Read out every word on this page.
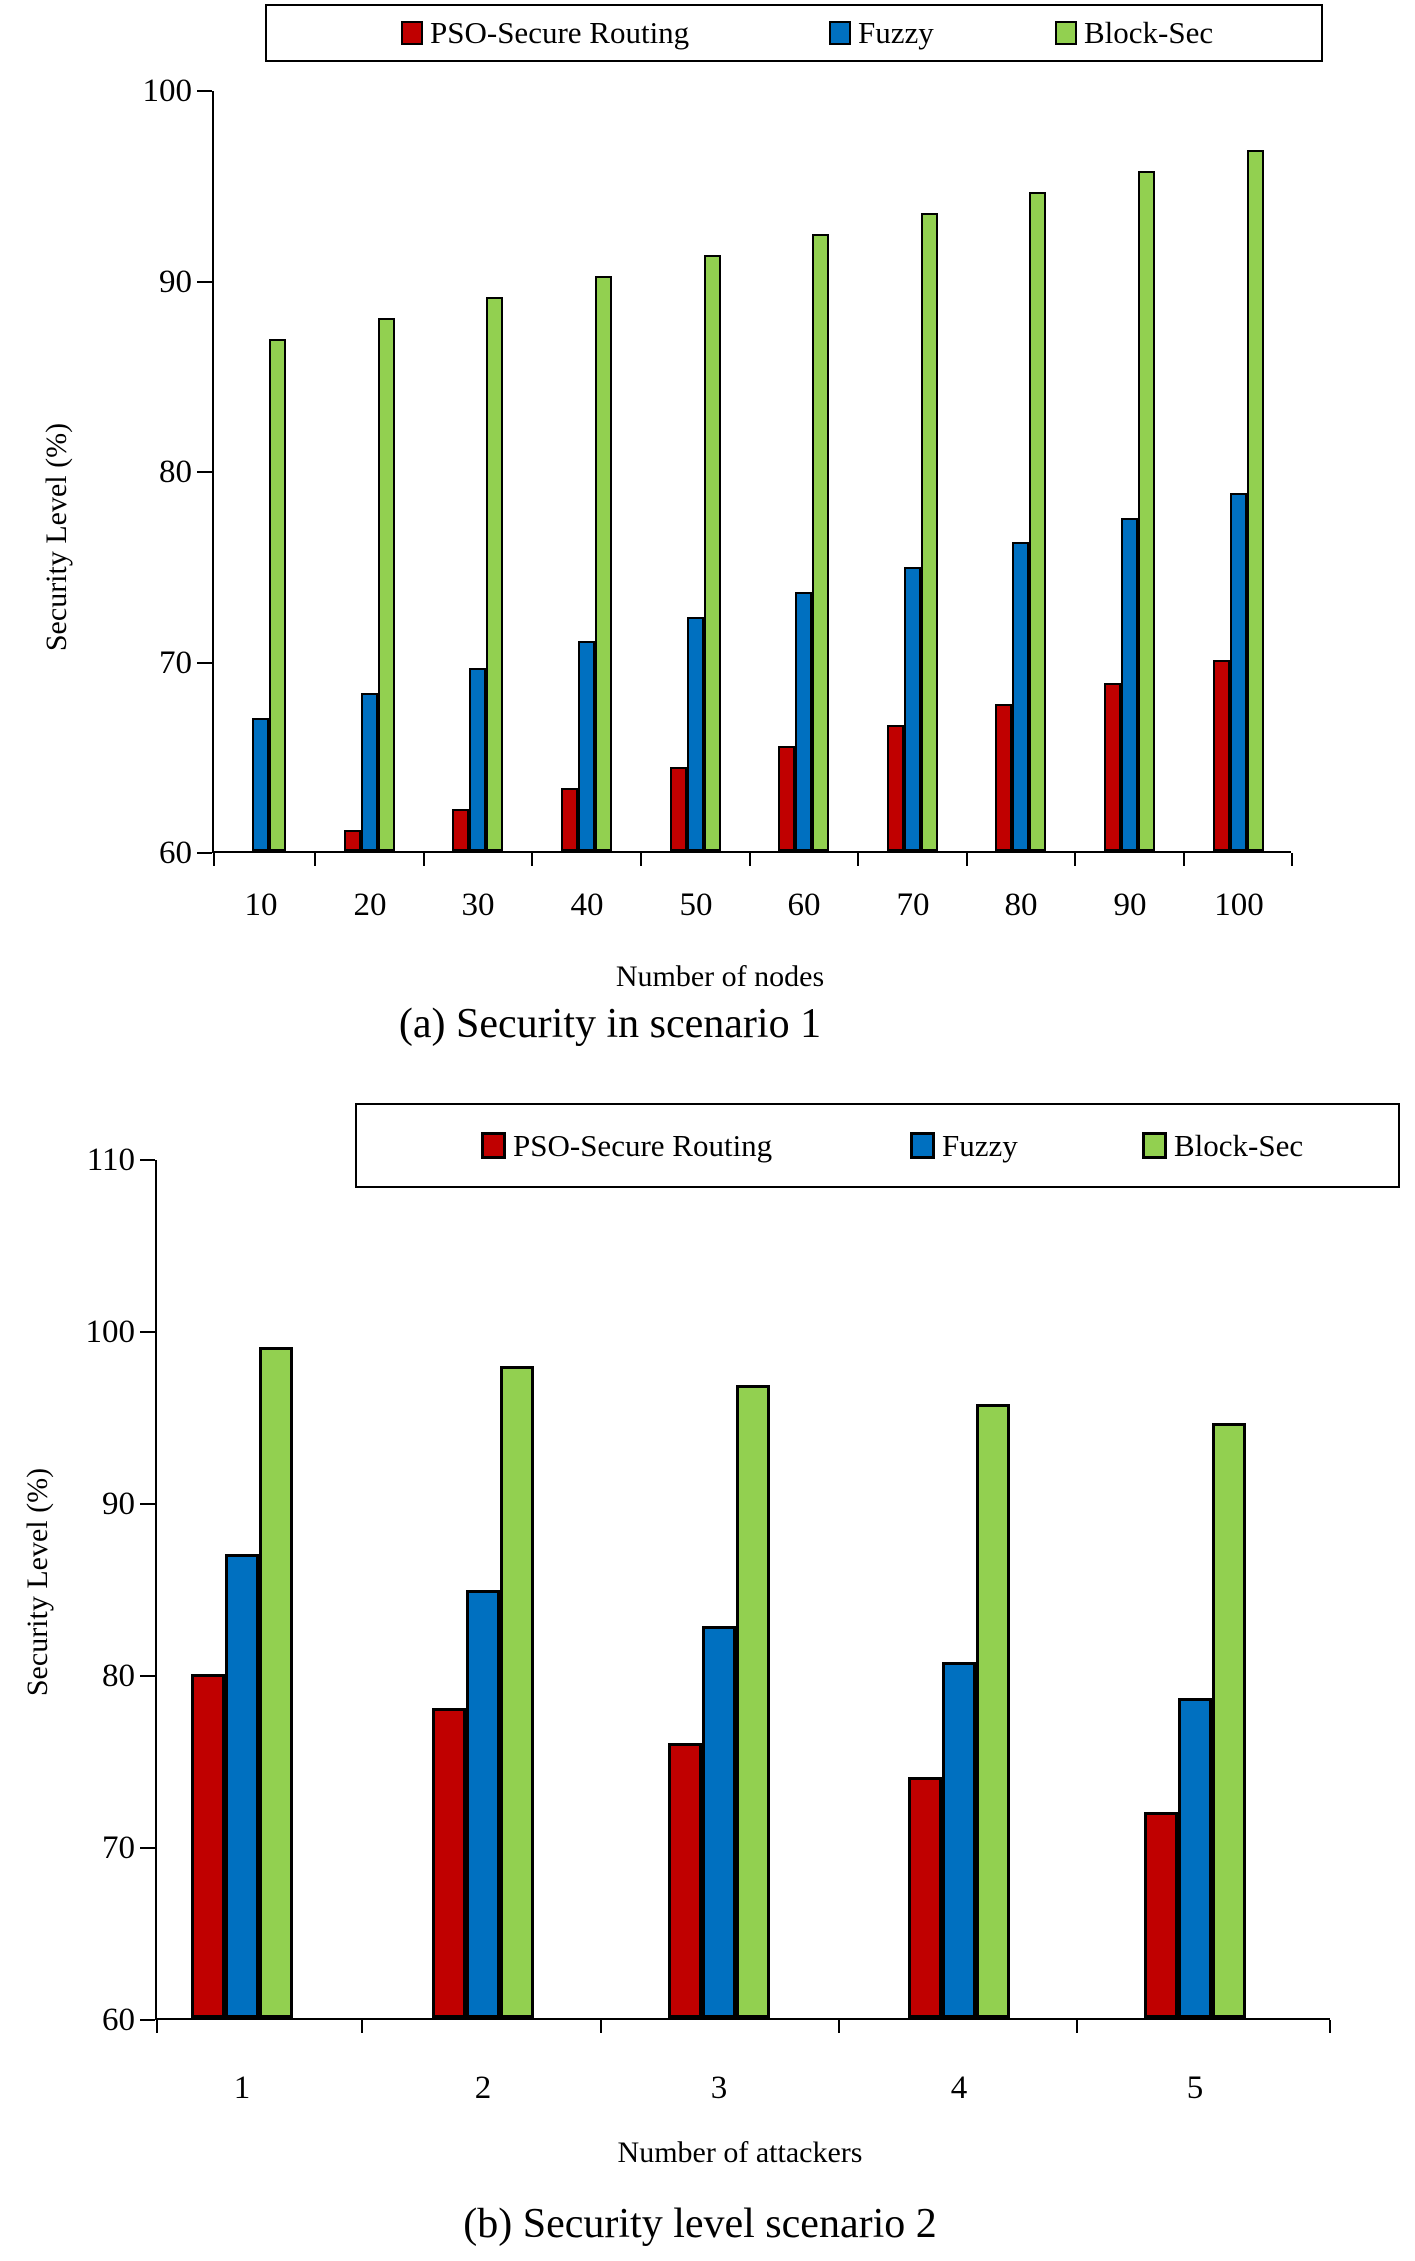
PSO-Secure Routing	Fuzzy	Block-Sec
Security Level (%)
100
90
80
70
60
10	20	30	40	50	60	70	80	90	100
Number of nodes
(a) Security in scenario 1
PSO-Secure Routing	Fuzzy	Block-Sec
Security Level (%)
110
100
90
80
70
60
1	2	3	4	5
Number of attackers
(b) Security level scenario 2
